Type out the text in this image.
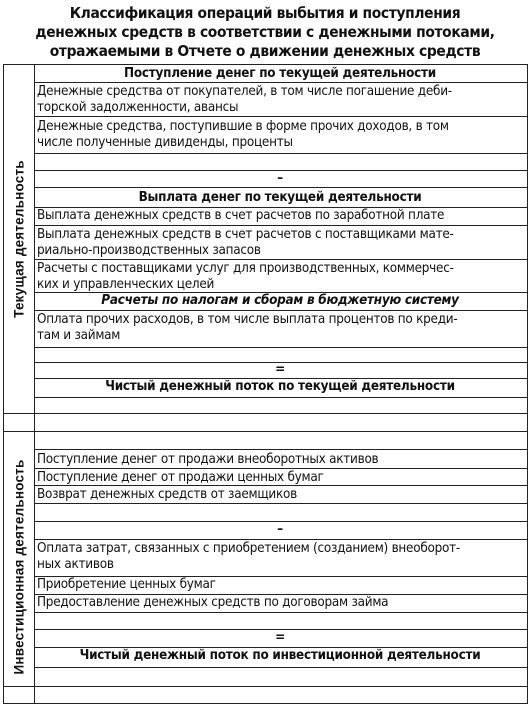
Классификация операций выбытия и поступления
денежных средств в соответствии с денежными потоками,
отражаемыми в Отчете о движении денежных средств
Текущая деятельность
Инвестиционная деятельность
Поступление денег по текущей деятельности
Денежные средства от покупателей, в том числе погашение деби-
торской задолженности, авансы
Денежные средства, поступившие в форме прочих доходов, в том
числе полученные дивиденды, проценты
–
Выплата денег по текущей деятельности
Выплата денежных средств в счет расчетов по заработной плате
Выплата денежных средств в счет расчетов с поставщиками мате-
риально-производственных запасов
Расчеты с поставщиками услуг для производственных, коммерчес-
ких и управленческих целей
Расчеты по налогам и сборам в бюджетную систему
Оплата прочих расходов, в том числе выплата процентов по креди-
там и займам
=
Чистый денежный поток по текущей деятельности
Поступление денег от продажи внеоборотных активов
Поступление денег от продажи ценных бумаг
Возврат денежных средств от заемщиков
–
Оплата затрат, связанных с приобретением (созданием) внеоборот-
ных активов
Приобретение ценных бумаг
Предоставление денежных средств по договорам займа
=
Чистый денежный поток по инвестиционной деятельности
